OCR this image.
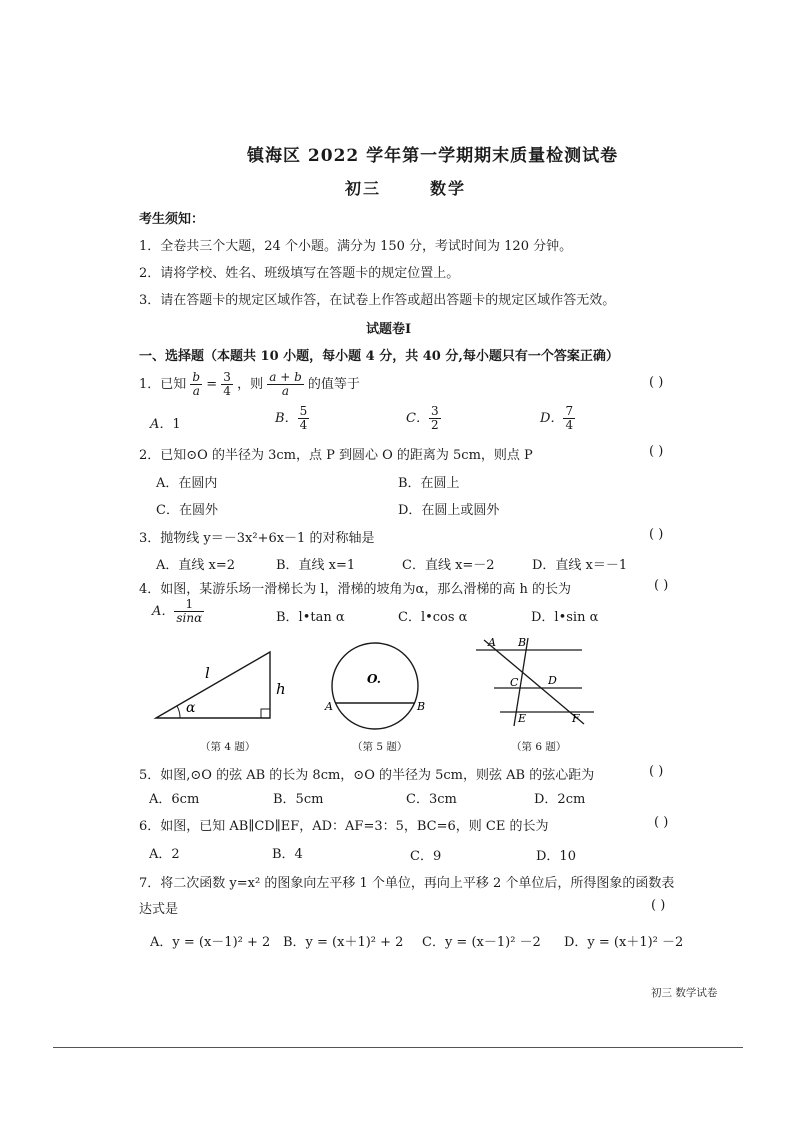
镇海区 2022 学年第一学期期末质量检测试卷
初三	数学
考生须知：
1．全卷共三个大题，24 个小题。满分为 150 分，考试时间为 120 分钟。
2．请将学校、姓名、班级填写在答题卡的规定位置上。
3．请在答题卡的规定区域作答，在试卷上作答或超出答题卡的规定区域作答无效。
试题卷I
一、选择题（本题共 10 小题，每小题 4 分，共 40 分,每小题只有一个答案正确）
1．已知 $\frac{b}{a} = \frac{3}{4}$ ，则 $\frac{a + b}{a}$ 的值等于	( )
A．1	B． $\frac{5}{4}$	C． $\frac{3}{2}$	D． $\frac{7}{4}$
2．已知⊙O 的半径为 3cm，点 P 到圆心 O 的距离为 5cm，则点 P	( )
A．在圆内	B．在圆上
C．在圆外	D．在圆上或圆外
3．抛物线 y＝－3x²+6x－1 的对称轴是	( )
A．直线 x=2	B．直线 x=1	C．直线 x=－2	D．直线 x＝－1
4．如图，某游乐场一滑梯长为 l，滑梯的坡角为α，那么滑梯的高 h 的长为	( )
A． $\frac{1}{\sin\alpha}$	B．l•tan α	C．l•cos α	D．l•sin α
l
h
α
（第 4 题）
O.
A	B
（第 5 题）
A B
C	D
E	F
（第 6 题）
5．如图,⊙O 的弦 AB 的长为 8cm，⊙O 的半径为 5cm，则弦 AB 的弦心距为	( )
A．6cm	B．5cm	C．3cm	D．2cm
6．如图，已知 AB∥CD∥EF，AD：AF=3：5，BC=6，则 CE 的长为	( )
A．2	B．4	C．9	D．10
7．将二次函数 y=x² 的图象向左平移 1 个单位，再向上平移 2 个单位后，所得图象的函数表
达式是	( )
A．y = (x－1)² + 2 B．y = (x＋1)² + 2 C．y = (x－1)² －2 D．y = (x＋1)² －2
初三 数学试卷
